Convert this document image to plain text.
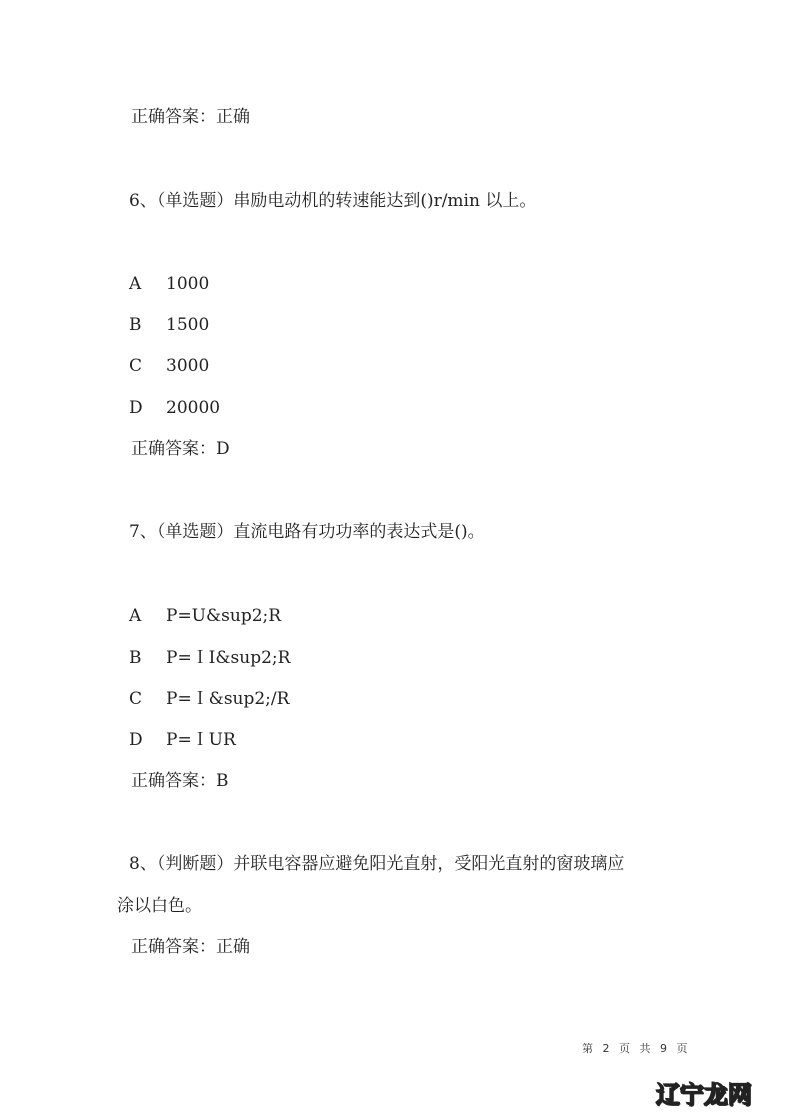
正确答案：正确
6、（单选题）串励电动机的转速能达到()r/min 以上。
A 1000
B 1500
C 3000
D 20000
正确答案：D
7、（单选题）直流电路有功功率的表达式是()。
A P=U&sup2;R
B P=ＩⅠ&sup2;R
C P=Ｉ&sup2;/R
D P=ＩUR
正确答案：B
8、（判断题）并联电容器应避免阳光直射，受阳光直射的窗玻璃应
涂以白色。
正确答案：正确
第 2 页 共 9 页
辽宁龙网
